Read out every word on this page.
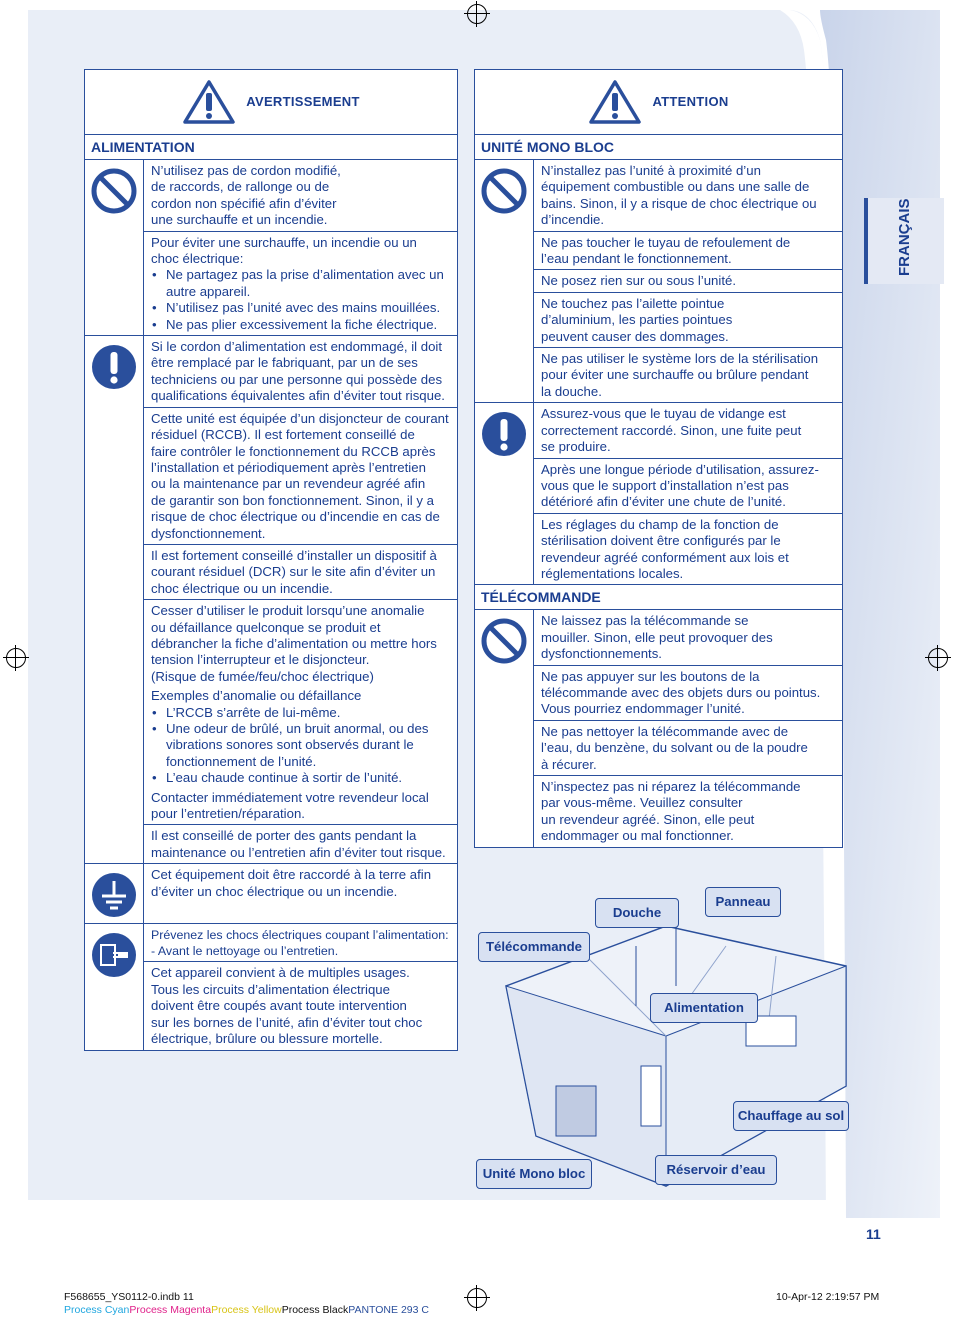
FRANÇAIS
AVERTISSEMENT
ALIMENTATION
N’utilisez pas de cordon modifié,
de raccords, de rallonge ou de
cordon non spécifié afin d’éviter
une surchauffe et un incendie.
Pour éviter une surchauffe, un incendie ou un
choc électrique:
• Ne partagez pas la prise d’alimentation avec un autre appareil.
• N’utilisez pas l’unité avec des mains mouillées.
• Ne pas plier excessivement la fiche électrique.
Si le cordon d’alimentation est endommagé, il doit
être remplacé par le fabriquant, par un de ses
techniciens ou par une personne qui possède des
qualifications équivalentes afin d’éviter tout risque.
Cette unité est équipée d’un disjoncteur de courant
résiduel (RCCB). Il est fortement conseillé de
faire contrôler le fonctionnement du RCCB après
l’installation et périodiquement après l’entretien
ou la maintenance par un revendeur agréé afin
de garantir son bon fonctionnement. Sinon, il y a
risque de choc électrique ou d’incendie en cas de
dysfonctionnement.
Il est fortement conseillé d’installer un dispositif à
courant résiduel (DCR) sur le site afin d’éviter un
choc électrique ou un incendie.
Cesser d’utiliser le produit lorsqu’une anomalie
ou défaillance quelconque se produit et
débrancher la fiche d’alimentation ou mettre hors
tension l’interrupteur et le disjoncteur.
(Risque de fumée/feu/choc électrique)
Exemples d’anomalie ou défaillance
• L’RCCB s’arrête de lui-même.
• Une odeur de brûlé, un bruit anormal, ou des vibrations sonores sont observés durant le fonctionnement de l’unité.
• L’eau chaude continue à sortir de l’unité.
Contacter immédiatement votre revendeur local
pour l’entretien/réparation.
Il est conseillé de porter des gants pendant la
maintenance ou l’entretien afin d’éviter tout risque.
Cet équipement doit être raccordé à la terre afin
d’éviter un choc électrique ou un incendie.
Prévenez les chocs électriques coupant l’alimentation:
- Avant le nettoyage ou l’entretien.
Cet appareil convient à de multiples usages.
Tous les circuits d’alimentation électrique
doivent être coupés avant toute intervention
sur les bornes de l’unité, afin d’éviter tout choc
électrique, brûlure ou blessure mortelle.
ATTENTION
UNITÉ MONO BLOC
N’installez pas l’unité à proximité d’un
équipement combustible ou dans une salle de
bains. Sinon, il y a risque de choc électrique ou
d’incendie.
Ne pas toucher le tuyau de refoulement de
l’eau pendant le fonctionnement.
Ne posez rien sur ou sous l’unité.
Ne touchez pas l’ailette pointue
d’aluminium, les parties pointues
peuvent causer des dommages.
Ne pas utiliser le système lors de la stérilisation
pour éviter une surchauffe ou brûlure pendant
la douche.
Assurez-vous que le tuyau de vidange est
correctement raccordé. Sinon, une fuite peut
se produire.
Après une longue période d’utilisation, assurez-
vous que le support d’installation n’est pas
détérioré afin d’éviter une chute de l’unité.
Les réglages du champ de la fonction de
stérilisation doivent être configurés par le
revendeur agréé conformément aux lois et
réglementations locales.
TÉLÉCOMMANDE
Ne laissez pas la télécommande se
mouiller. Sinon, elle peut provoquer des
dysfonctionnements.
Ne pas appuyer sur les boutons de la
télécommande avec des objets durs ou pointus.
Vous pourriez endommager l’unité.
Ne pas nettoyer la télécommande avec de
l’eau, du benzène, du solvant ou de la poudre
à récurer.
N’inspectez pas ni réparez la télécommande
par vous-même. Veuillez consulter
un revendeur agréé. Sinon, elle peut
endommager ou mal fonctionner.
Douche
Panneau
Télécommande
Alimentation
Chauffage au sol
Unité Mono bloc	Réservoir d’eau
11
F568655_YS0112-0.indb 11	10-Apr-12 2:19:57 PM
Process CyanProcess MagentaProcess YellowProcess BlackPANTONE 293 C
